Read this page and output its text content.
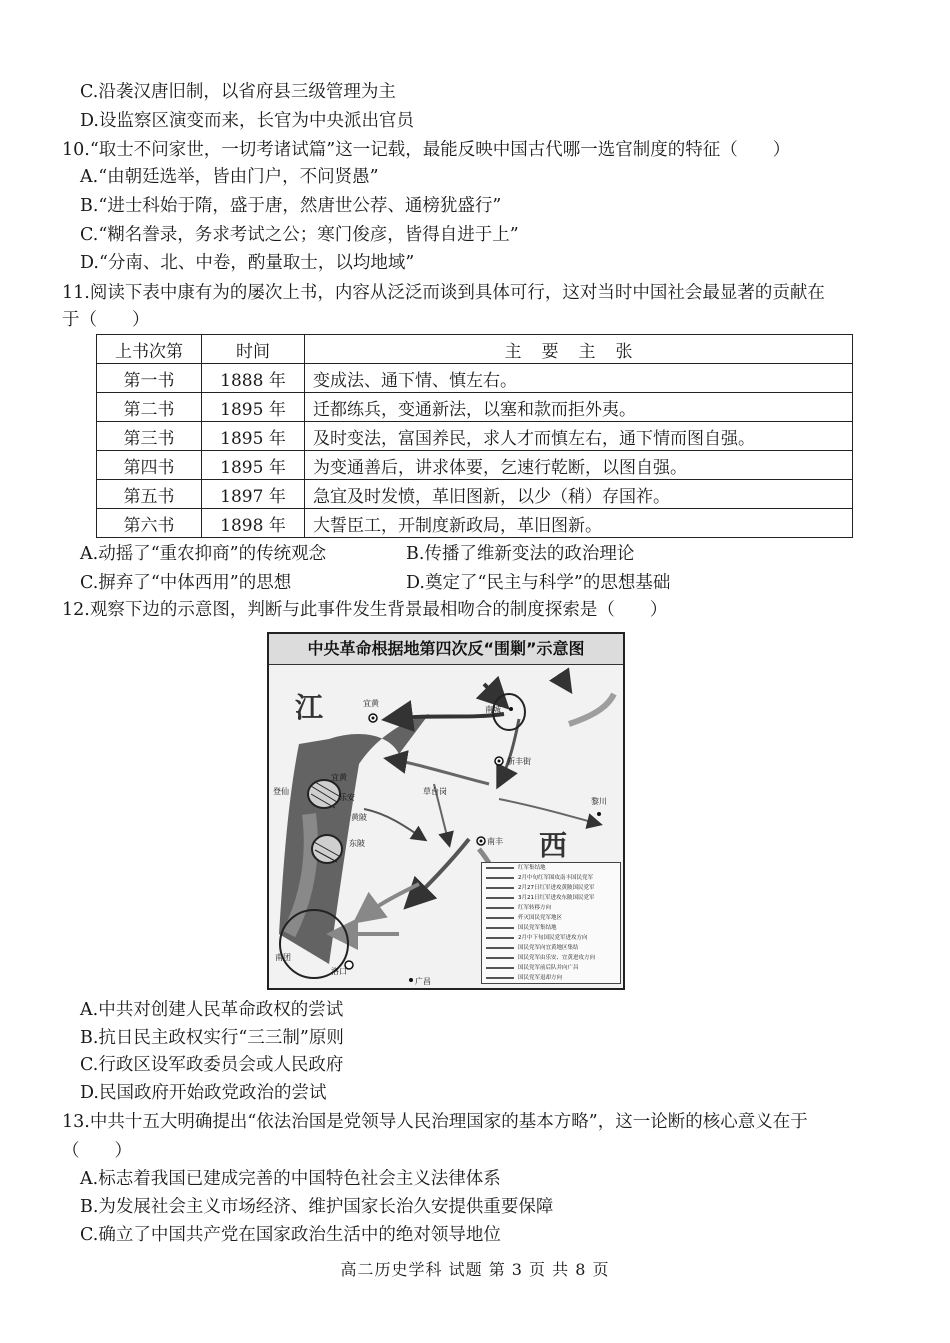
C.沿袭汉唐旧制，以省府县三级管理为主
D.设监察区演变而来，长官为中央派出官员
10.“取士不问家世，一切考诸试篇”这一记载，最能反映中国古代哪一选官制度的特征（　　）
A.“由朝廷选举，皆由门户，不问贤愚”
B.“进士科始于隋，盛于唐，然唐世公荐、通榜犹盛行”
C.“糊名誊录，务求考试之公；寒门俊彦，皆得自进于上”
D.“分南、北、中卷，酌量取士，以均地域”
11.阅读下表中康有为的屡次上书，内容从泛泛而谈到具体可行，这对当时中国社会最显著的贡献在
于（　　）
上书次第	时间	主要主张
第一书	1888 年	变成法、通下情、慎左右。
第二书	1895 年	迁都练兵，变通新法，以塞和款而拒外夷。
第三书	1895 年	及时变法，富国养民，求人才而慎左右，通下情而图自强。
第四书	1895 年	为变通善后，讲求体要，乞速行乾断，以图自强。
第五书	1897 年	急宜及时发愤，革旧图新，以少（稍）存国祚。
第六书	1898 年	大誓臣工，开制度新政局，革旧图新。
A.动摇了“重农抑商”的传统观念	B.传播了维新变法的政治理论
C.摒弃了“中体西用”的思想	D.奠定了“民主与科学”的思想基础
12.观察下边的示意图，判断与此事件发生背景最相吻合的制度探索是（　　）
中央革命根据地第四次反“围剿”示意图
江
西
宜黄
南城
新丰街
登仙
乐安
宜黄
黄陂
东陂
草台岗
南丰
黎川
南团
洛口
广昌
红军集结地
2月中旬红军围攻南丰国民党军
2月27日红军进攻黄陂国民党军
3月21日红军进攻东陂国民党军
红军转移方向
歼灭国民党军地区
国民党军集结地
2月中下旬国民党军进攻方向
国民党军向宜黄地区集结
国民党军由乐安、宜黄进攻方向
国民党军前后队并向广昌
国民党军退却方向
A.中共对创建人民革命政权的尝试
B.抗日民主政权实行“三三制”原则
C.行政区设军政委员会或人民政府
D.民国政府开始政党政治的尝试
13.中共十五大明确提出“依法治国是党领导人民治理国家的基本方略”，这一论断的核心意义在于
（　　）
A.标志着我国已建成完善的中国特色社会主义法律体系
B.为发展社会主义市场经济、维护国家长治久安提供重要保障
C.确立了中国共产党在国家政治生活中的绝对领导地位
高二历史学科 试题 第 3 页 共 8 页
